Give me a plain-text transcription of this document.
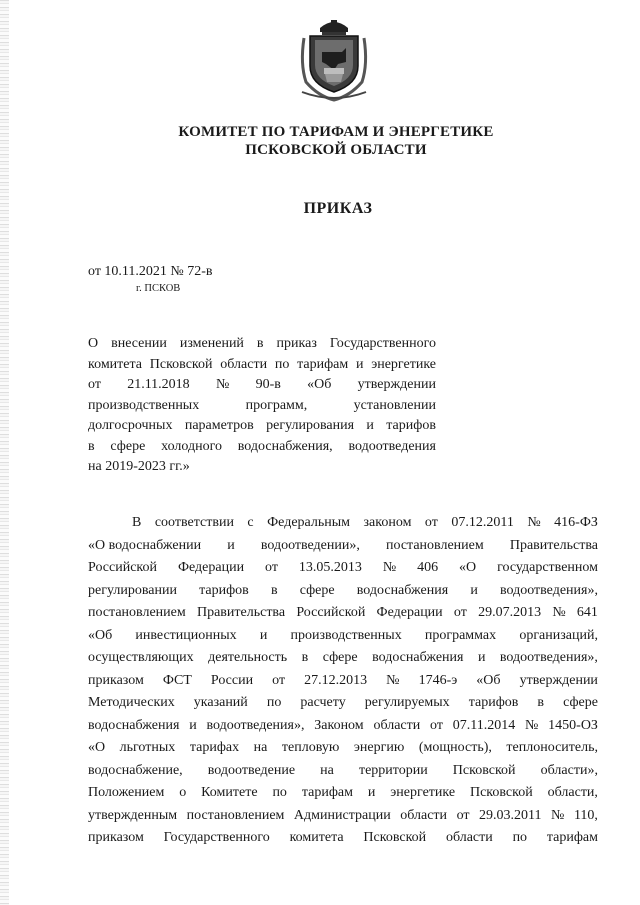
КОМИТЕТ ПО ТАРИФАМ И ЭНЕРГЕТИКЕ
ПСКОВСКОЙ ОБЛАСТИ
ПРИКАЗ
от 10.11.2021 № 72-в
г. ПСКОВ
О внесении изменений в приказ Государственного
комитета Псковской области по тарифам и энергетике
от 21.11.2018 № 90-в «Об утверждении
производственных	программ,	установлении
долгосрочных параметров регулирования и тарифов
в сфере холодного водоснабжения, водоотведения
на 2019-2023 гг.»
В соответствии с Федеральным законом от 07.12.2011 № 416-ФЗ
«О водоснабжении и водоотведении», постановлением Правительства
Российской Федерации от 13.05.2013 № 406 «О государственном
регулировании тарифов в сфере водоснабжения и водоотведения»,
постановлением Правительства Российской Федерации от 29.07.2013 № 641
«Об инвестиционных и производственных программах организаций,
осуществляющих деятельность в сфере водоснабжения и водоотведения»,
приказом ФСТ России от 27.12.2013 № 1746-э «Об утверждении
Методических указаний по расчету регулируемых тарифов в сфере
водоснабжения и водоотведения», Законом области от 07.11.2014 № 1450-ОЗ
«О льготных тарифах на тепловую энергию (мощность), теплоноситель,
водоснабжение, водоотведение на территории Псковской области»,
Положением о Комитете по тарифам и энергетике Псковской области,
утвержденным постановлением Администрации области от 29.03.2011 № 110,
приказом Государственного комитета Псковской области по тарифам
